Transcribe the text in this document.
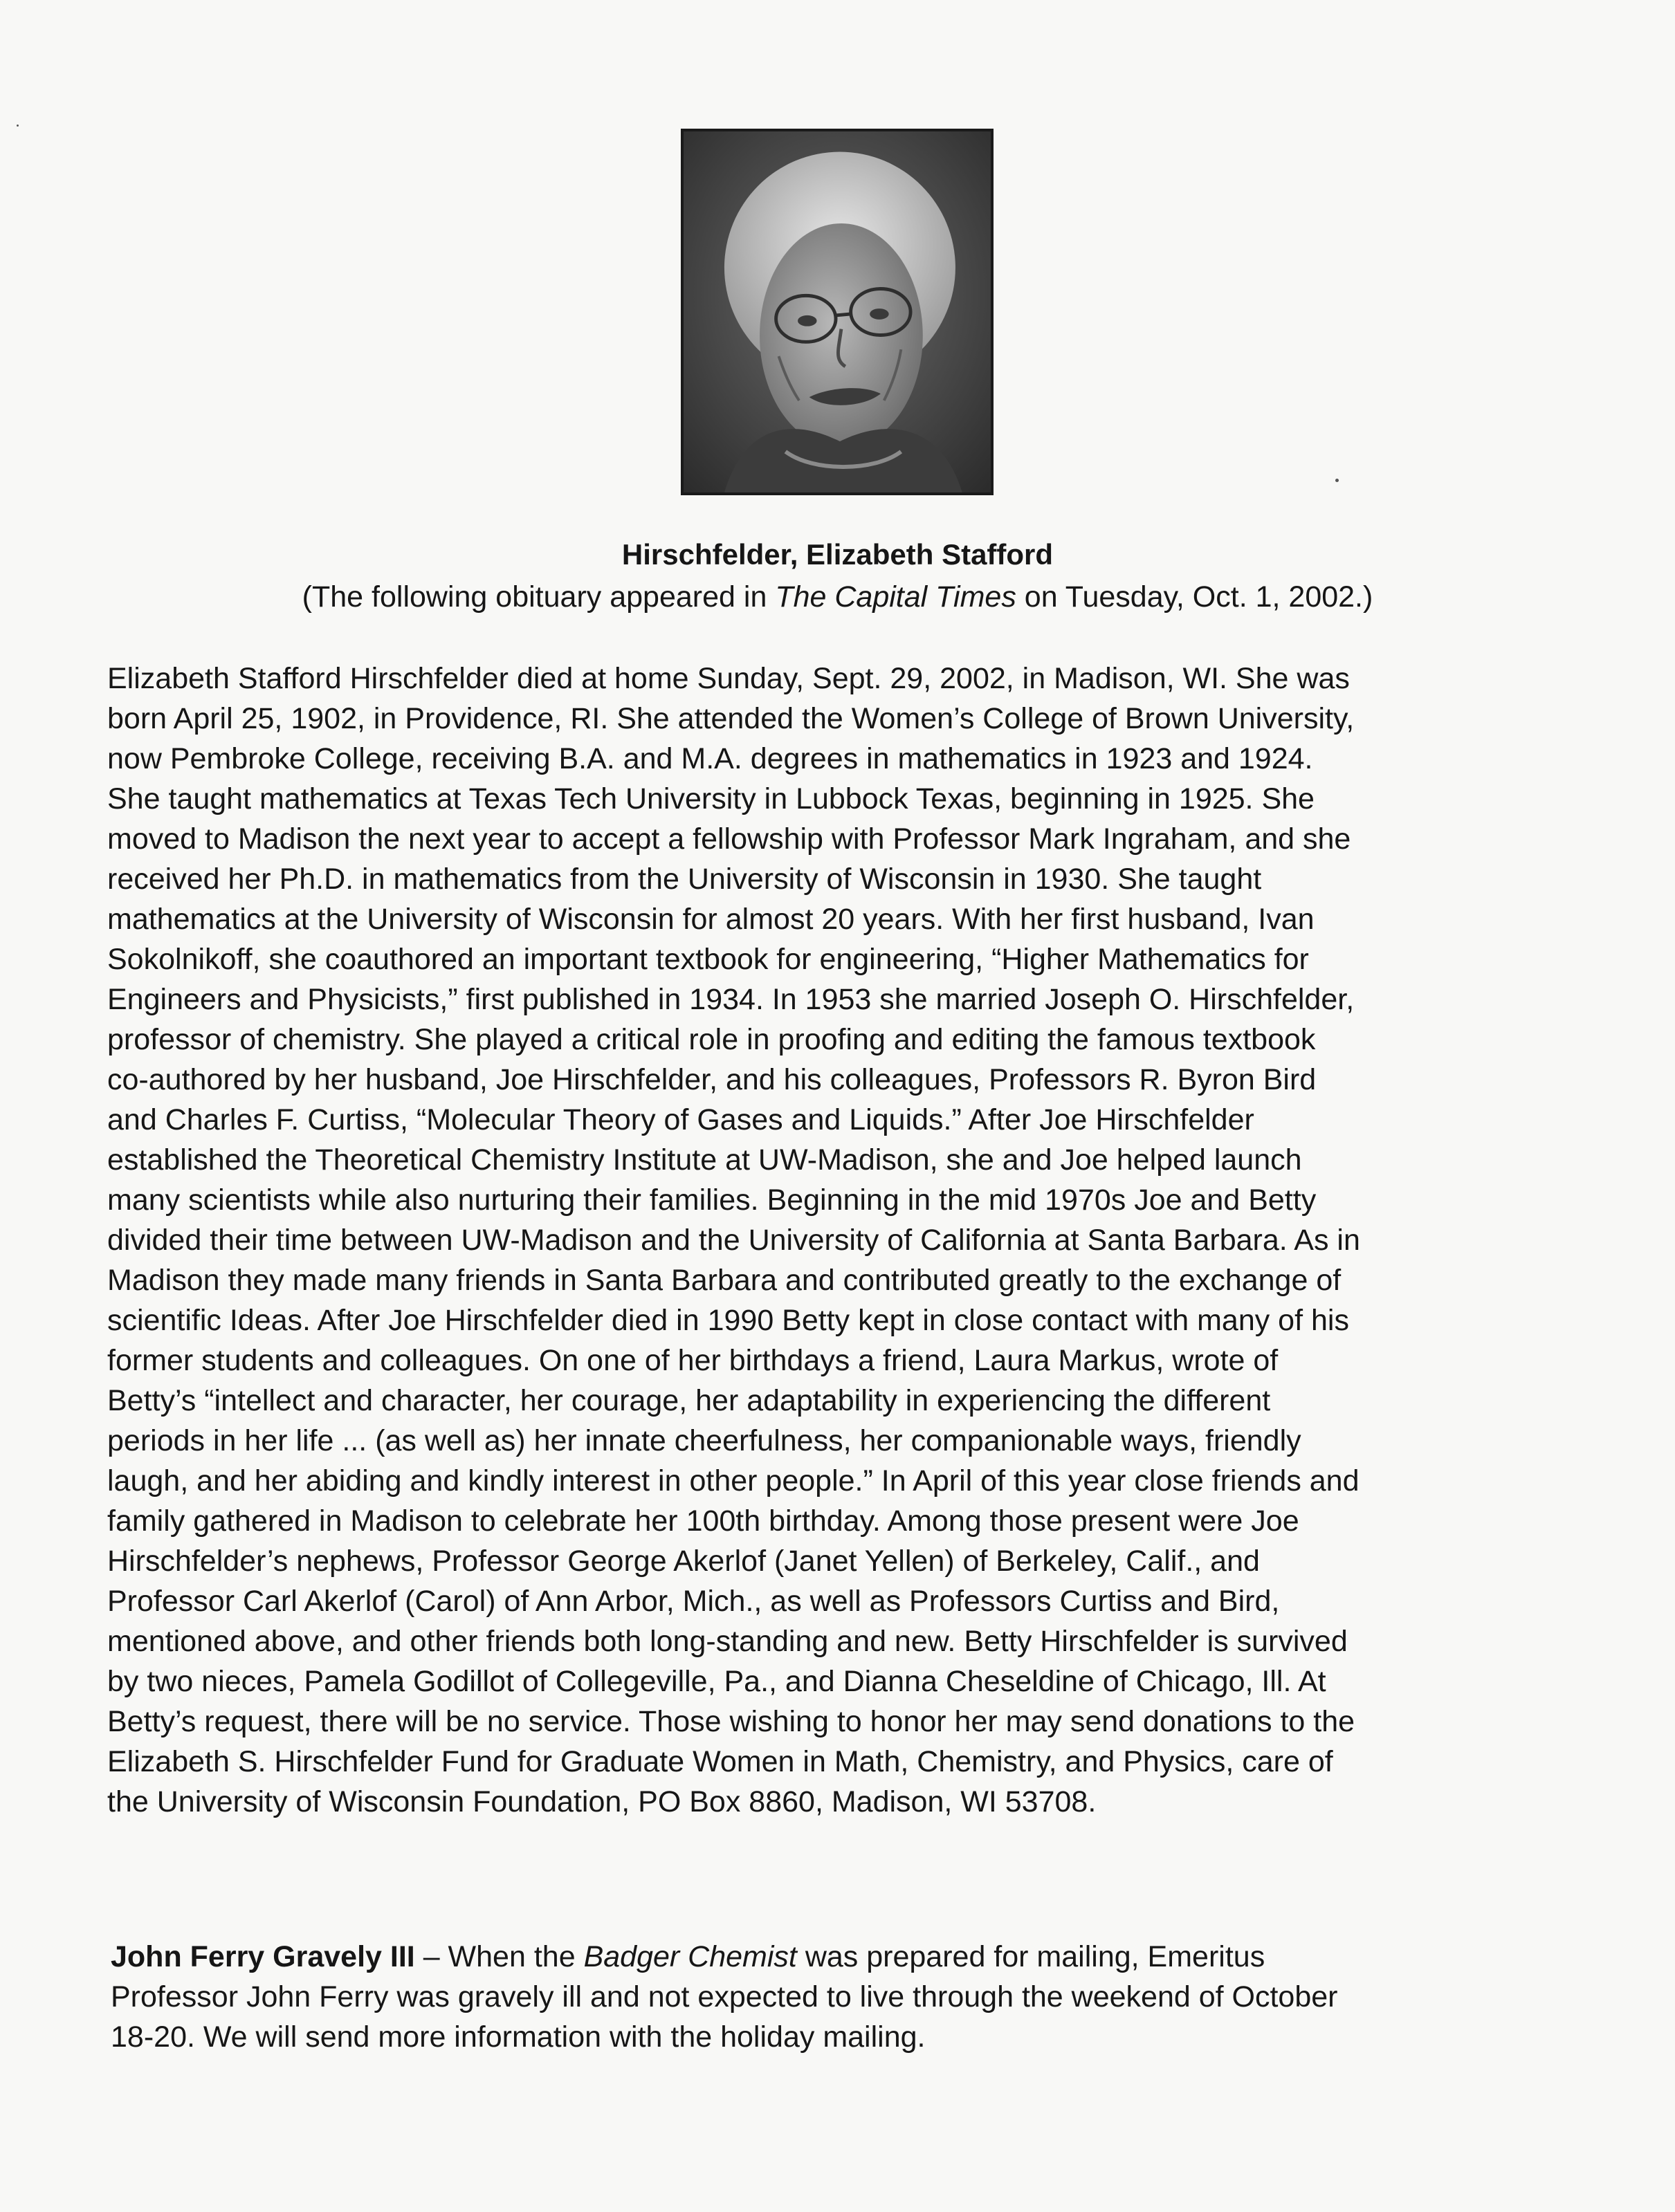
Hirschfelder, Elizabeth Stafford
(The following obituary appeared in The Capital Times on Tuesday, Oct. 1, 2002.)
Elizabeth Stafford Hirschfelder died at home Sunday, Sept. 29, 2002, in Madison, WI. She was
born April 25, 1902, in Providence, RI. She attended the Women’s College of Brown University,
now Pembroke College, receiving B.A. and M.A. degrees in mathematics in 1923 and 1924.
She taught mathematics at Texas Tech University in Lubbock Texas, beginning in 1925. She
moved to Madison the next year to accept a fellowship with Professor Mark Ingraham, and she
received her Ph.D. in mathematics from the University of Wisconsin in 1930. She taught
mathematics at the University of Wisconsin for almost 20 years. With her first husband, Ivan
Sokolnikoff, she coauthored an important textbook for engineering, “Higher Mathematics for
Engineers and Physicists,” first published in 1934. In 1953 she married Joseph O. Hirschfelder,
professor of chemistry. She played a critical role in proofing and editing the famous textbook
co-authored by her husband, Joe Hirschfelder, and his colleagues, Professors R. Byron Bird
and Charles F. Curtiss, “Molecular Theory of Gases and Liquids.” After Joe Hirschfelder
established the Theoretical Chemistry Institute at UW-Madison, she and Joe helped launch
many scientists while also nurturing their families. Beginning in the mid 1970s Joe and Betty
divided their time between UW-Madison and the University of California at Santa Barbara. As in
Madison they made many friends in Santa Barbara and contributed greatly to the exchange of
scientific Ideas. After Joe Hirschfelder died in 1990 Betty kept in close contact with many of his
former students and colleagues. On one of her birthdays a friend, Laura Markus, wrote of
Betty’s “intellect and character, her courage, her adaptability in experiencing the different
periods in her life ... (as well as) her innate cheerfulness, her companionable ways, friendly
laugh, and her abiding and kindly interest in other people.” In April of this year close friends and
family gathered in Madison to celebrate her 100th birthday. Among those present were Joe
Hirschfelder’s nephews, Professor George Akerlof (Janet Yellen) of Berkeley, Calif., and
Professor Carl Akerlof (Carol) of Ann Arbor, Mich., as well as Professors Curtiss and Bird,
mentioned above, and other friends both long-standing and new. Betty Hirschfelder is survived
by two nieces, Pamela Godillot of Collegeville, Pa., and Dianna Cheseldine of Chicago, Ill. At
Betty’s request, there will be no service. Those wishing to honor her may send donations to the
Elizabeth S. Hirschfelder Fund for Graduate Women in Math, Chemistry, and Physics, care of
the University of Wisconsin Foundation, PO Box 8860, Madison, WI 53708.
John Ferry Gravely III – When the Badger Chemist was prepared for mailing, Emeritus
Professor John Ferry was gravely ill and not expected to live through the weekend of October
18-20. We will send more information with the holiday mailing.
